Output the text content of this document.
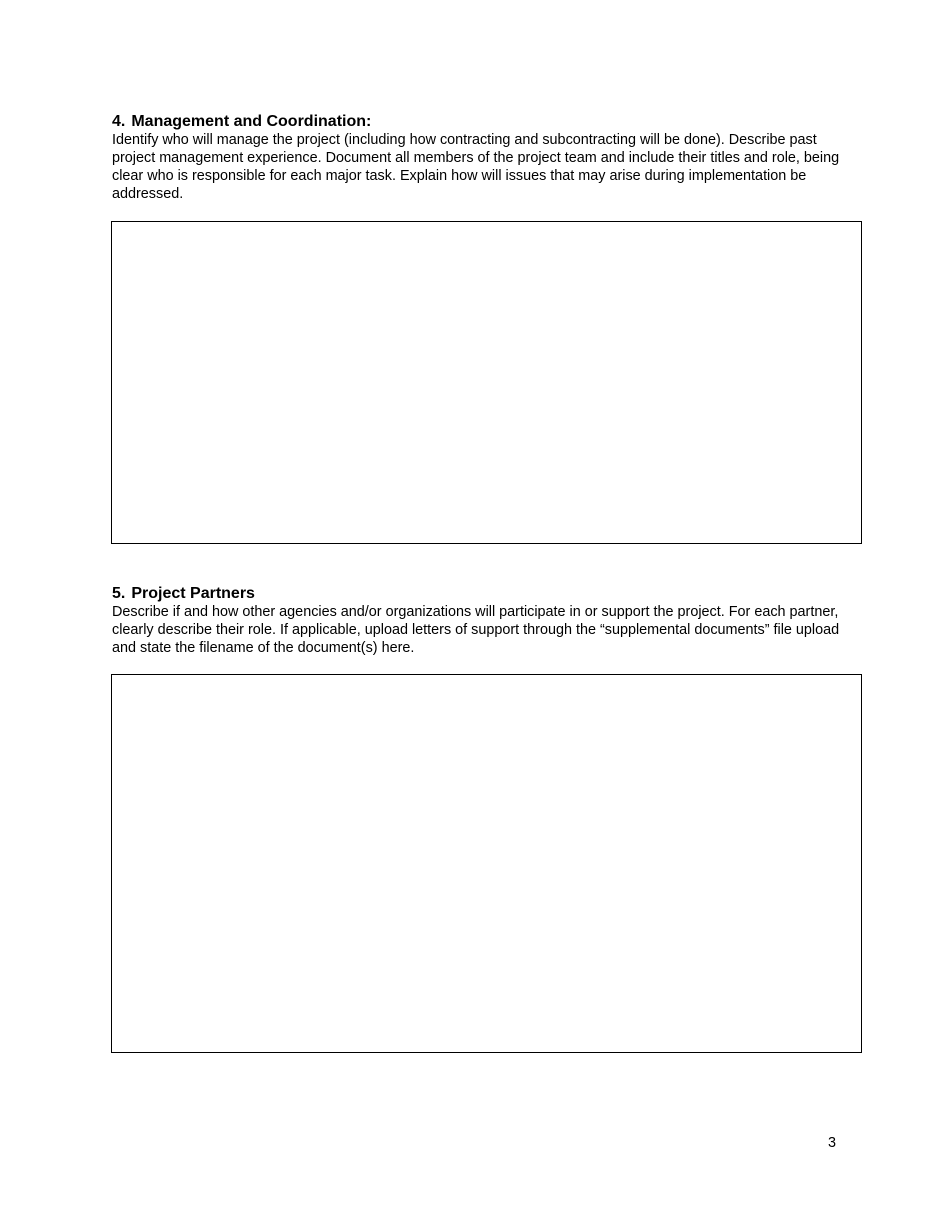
4. Management and Coordination:

Identify who will manage the project (including how contracting and subcontracting will be done). Describe past project management experience. Document all members of the project team and include their titles and role, being clear who is responsible for each major task. Explain how will issues that may arise during implementation be addressed.

5. Project Partners

Describe if and how other agencies and/or organizations will participate in or support the project. For each partner, clearly describe their role. If applicable, upload letters of support through the “supplemental documents” file upload and state the filename of the document(s) here.

3
